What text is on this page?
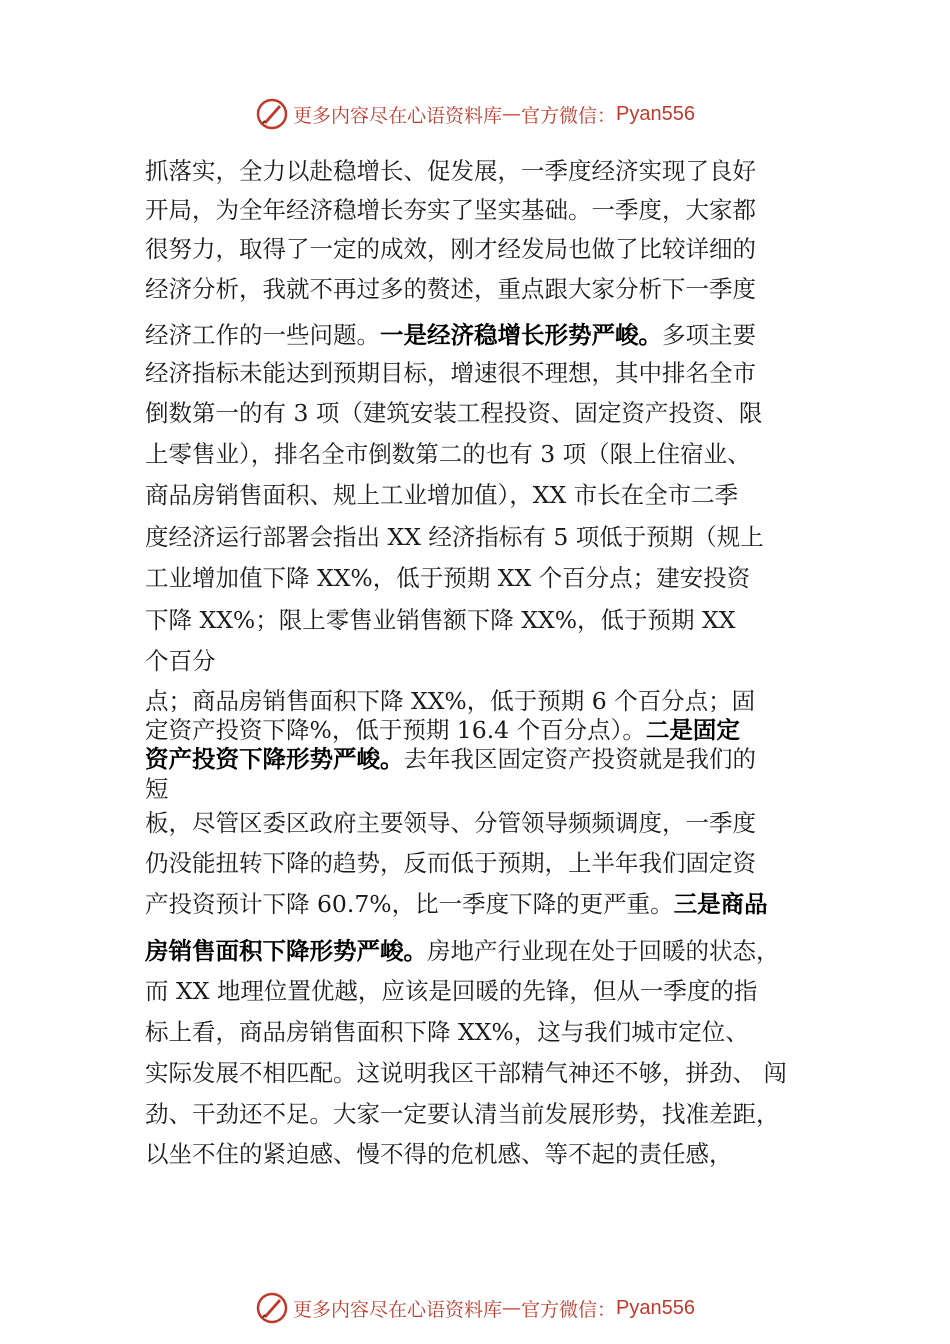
更多内容尽在心语资料库 — 官方微信： Pyan556
抓落实，全力以赴稳增长、促发展，一季度经济实现了良好
开局，为全年经济稳增长夯实了坚实基础。一季度，大家都
很努力，取得了一定的成效，刚才经发局也做了比较详细的
经济分析，我就不再过多的赘述，重点跟大家分析下一季度
经济工作的一些问题。一是经济稳增长形势严峻。多项主要
经济指标未能达到预期目标，增速很不理想，其中排名全市
倒数第一的有 3 项（建筑安装工程投资、固定资产投资、限
上零售业），排名全市倒数第二的也有 3 项（限上住宿业、
商品房销售面积、规上工业增加值），XX 市长在全市二季
度经济运行部署会指出 XX 经济指标有 5 项低于预期（规上
工业增加值下降 XX%，低于预期 XX 个百分点；建安投资
下降 XX%；限上零售业销售额下降 XX%，低于预期 XX
个百分
点；商品房销售面积下降 XX%，低于预期 6 个百分点；固
定资产投资下降%，低于预期 16.4 个百分点）。二是固定
资产投资下降形势严峻。去年我区固定资产投资就是我们的
短
板，尽管区委区政府主要领导、分管领导频频调度，一季度
仍没能扭转下降的趋势，反而低于预期，上半年我们固定资
产投资预计下降 60.7%，比一季度下降的更严重。三是商品
房销售面积下降形势严峻。房地产行业现在处于回暖的状态，
而 XX 地理位置优越，应该是回暖的先锋，但从一季度的指
标上看，商品房销售面积下降 XX%，这与我们城市定位、
实际发展不相匹配。这说明我区干部精气神还不够，拼劲、 闯
劲、干劲还不足。大家一定要认清当前发展形势，找准差距，
以坐不住的紧迫感、慢不得的危机感、等不起的责任感，
更多内容尽在心语资料库 — 官方微信： Pyan556
